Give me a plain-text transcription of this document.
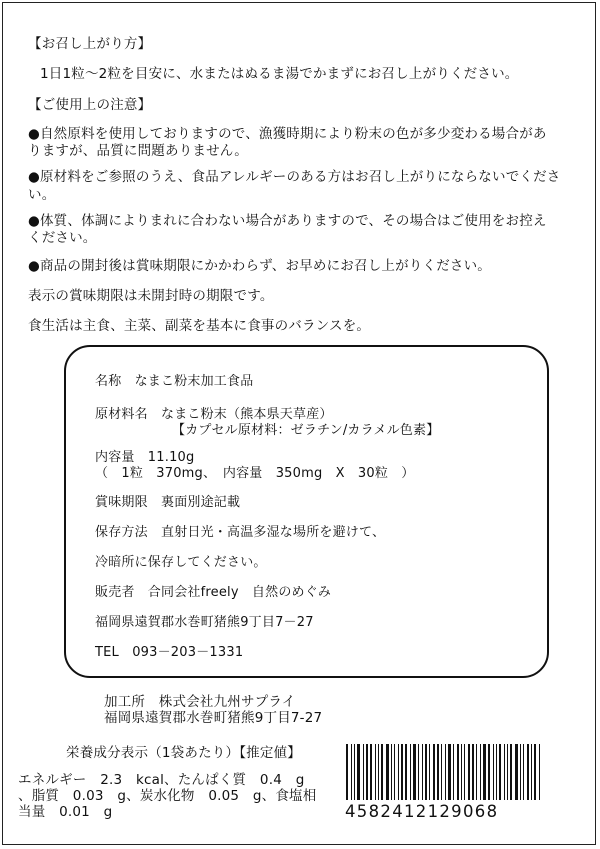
【お召し上がり方】
1日1粒～2粒を目安に、水またはぬるま湯でかまずにお召し上がりください。
【ご使用上の注意】
●自然原料を使用しておりますので、漁獲時期により粉末の色が多少変わる場合があ
りますが、品質に問題ありません。
●原材料をご参照のうえ、食品アレルギーのある方はお召し上がりにならないでくださ
い。
●体質、体調によりまれに合わない場合がありますので、その場合はご使用をお控え
ください。
●商品の開封後は賞味期限にかかわらず、お早めにお召し上がりください。
表示の賞味期限は未開封時の期限です。
食生活は主食、主菜、副菜を基本に食事のバランスを。
名称　なまこ粉末加工食品
原材料名　なまこ粉末（熊本県天草産）
【カプセル原材料：ゼラチン/カラメル色素】
内容量　11.10g
（　1粒　370mg、　内容量　350mg　X　30粒　）
賞味期限　裏面別途記載
保存方法　直射日光・高温多湿な場所を避けて、
冷暗所に保存してください。
販売者　合同会社freely　自然のめぐみ
福岡県遠賀郡水巻町猪熊9丁目7－27
TEL　093－203－1331
加工所　株式会社九州サプライ
福岡県遠賀郡水巻町猪熊9丁目7-27
栄養成分表示（1袋あたり）【推定値】
エネルギー　2.3　kcal、たんぱく質　0.4　g
、脂質　0.03　g、炭水化物　0.05　g、食塩相
当量　0.01　g	4582412129068
